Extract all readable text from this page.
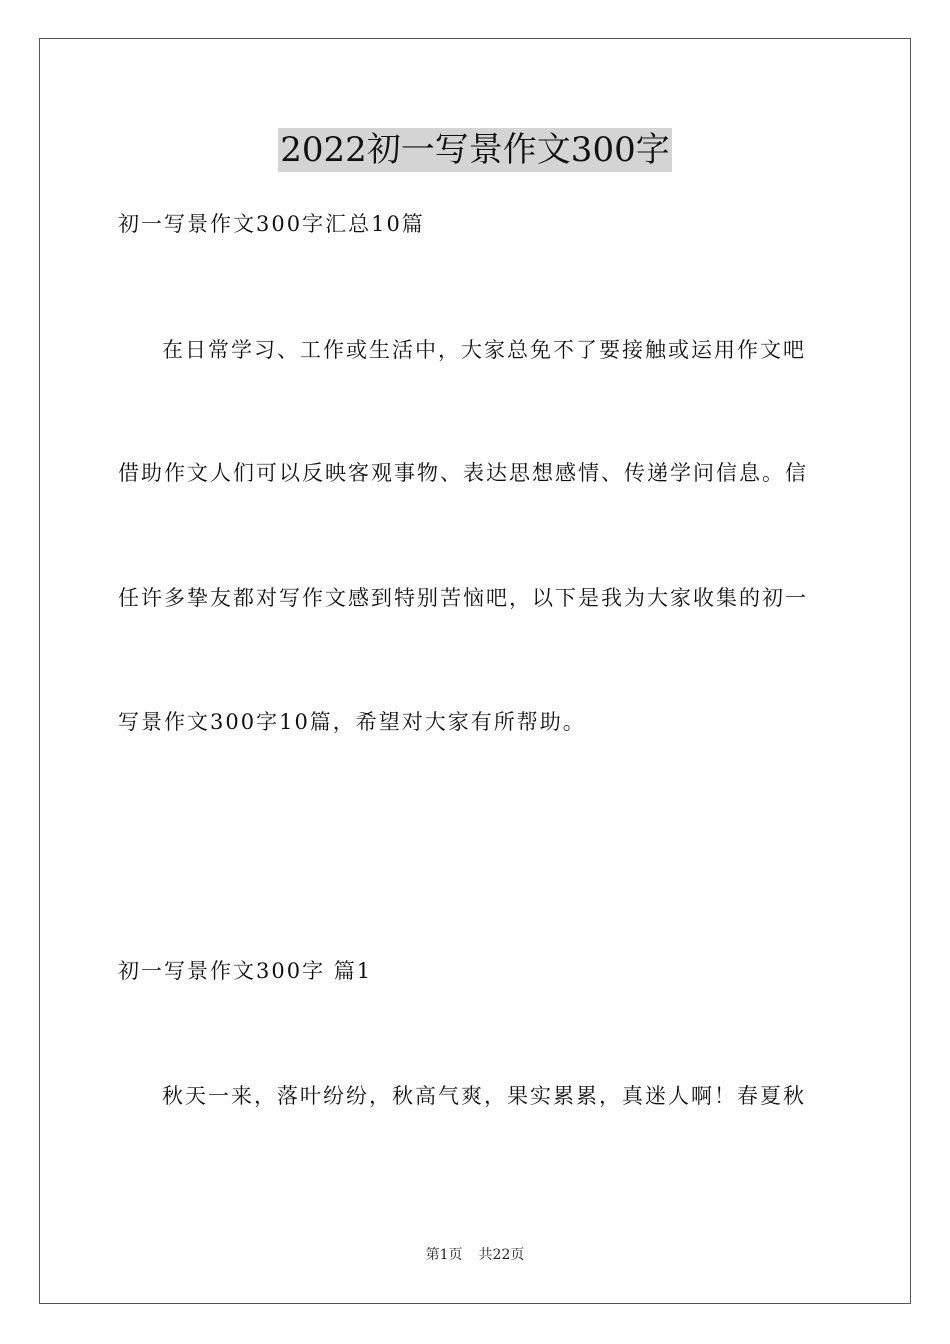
2022初一写景作文300字
初一写景作文300字汇总10篇
在日常学习、工作或生活中，大家总免不了要接触或运用作文吧
借助作文人们可以反映客观事物、表达思想感情、传递学问信息。信
任许多挚友都对写作文感到特别苦恼吧，以下是我为大家收集的初一
写景作文300字10篇，希望对大家有所帮助。
初一写景作文300字 篇1
秋天一来，落叶纷纷，秋高气爽，果实累累，真迷人啊！春夏秋
第1页 共22页
